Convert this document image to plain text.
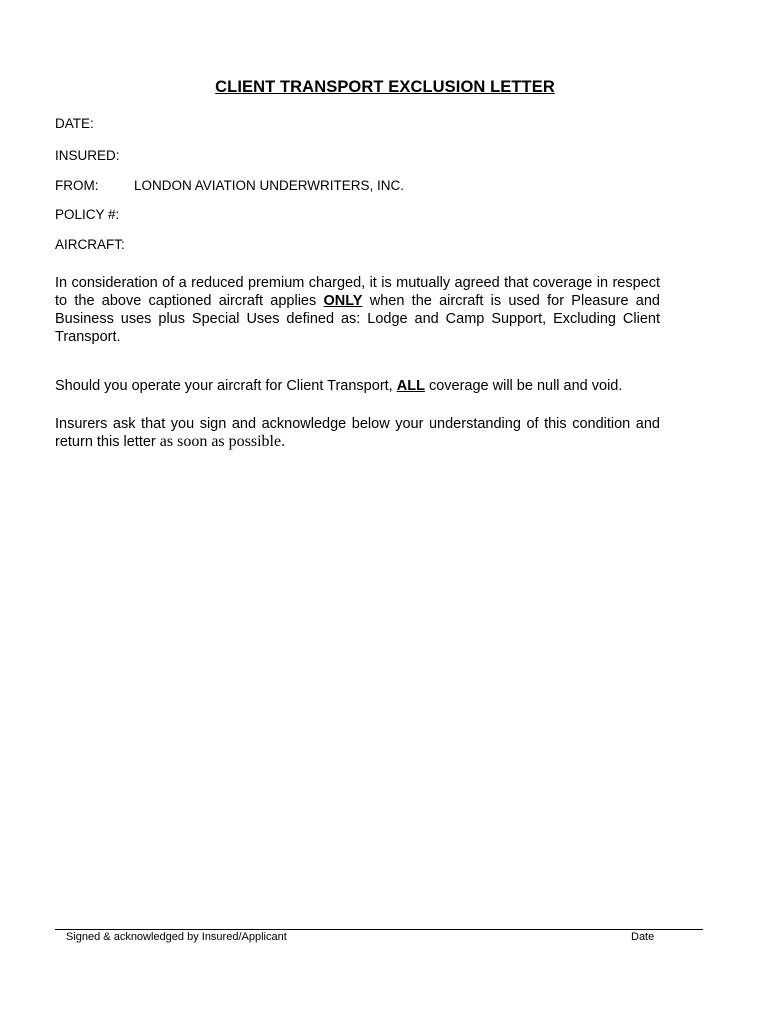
CLIENT TRANSPORT EXCLUSION LETTER
DATE:
INSURED:
FROM:	LONDON AVIATION UNDERWRITERS, INC.
POLICY #:
AIRCRAFT:
In consideration of a reduced premium charged, it is mutually agreed that coverage in respect to the above captioned aircraft applies ONLY when the aircraft is used for Pleasure and Business uses plus Special Uses defined as: Lodge and Camp Support, Excluding Client Transport.
Should you operate your aircraft for Client Transport, ALL coverage will be null and void.
Insurers ask that you sign and acknowledge below your understanding of this condition and return this letter as soon as possible.
Signed & acknowledged by Insured/Applicant	Date
